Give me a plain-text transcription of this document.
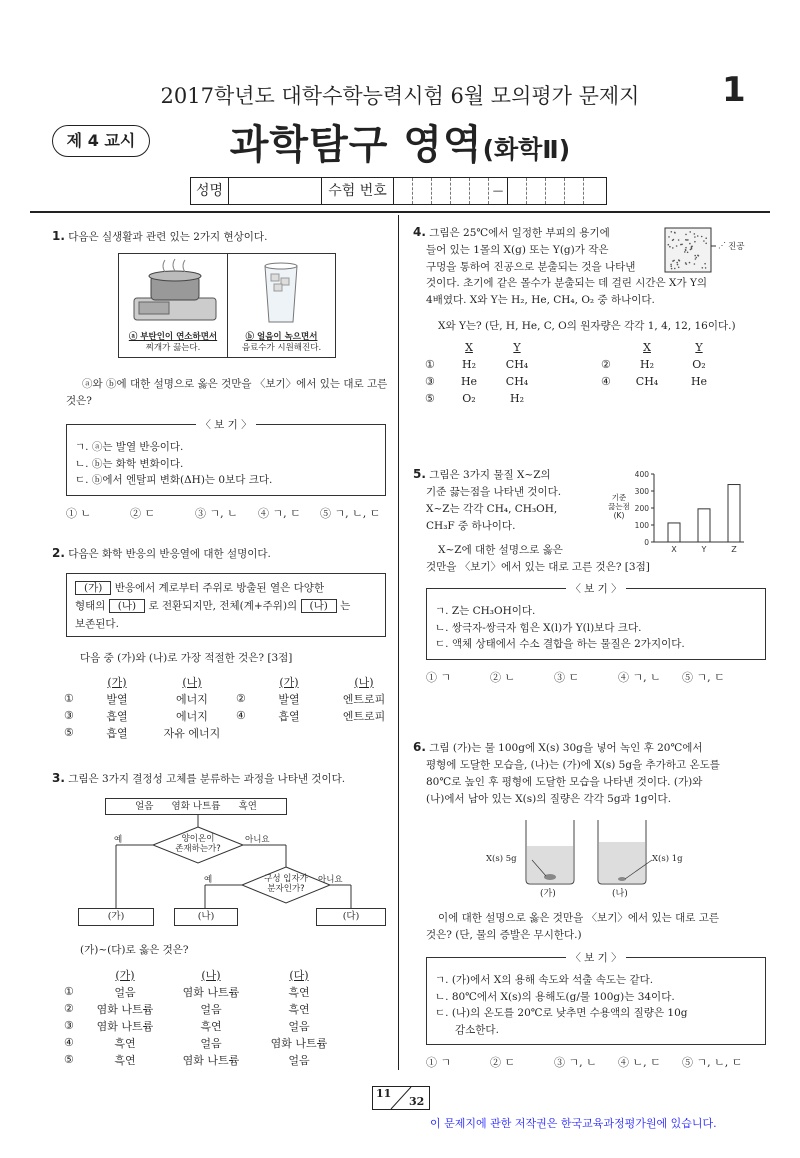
2017학년도 대학수학능력시험 6월 모의평가 문제지	1
제 4 교시	과학탐구 영역(화학Ⅱ)
성명	수험 번호	—
1. 다음은 실생활과 관련 있는 2가지 현상이다.
ⓐ 부탄인이 연소하면서
찌개가 끓는다.
ⓑ 얼음이 녹으면서
음료수가 시원해진다.
ⓐ와 ⓑ에 대한 설명으로 옳은 것만을 〈보기〉에서 있는 대로 고른 것은?
〈 보 기 〉
ㄱ. ⓐ는 발열 반응이다.
ㄴ. ⓑ는 화학 변화이다.
ㄷ. ⓑ에서 엔탈피 변화(ΔH)는 0보다 크다.
① ㄴ	② ㄷ	③ ㄱ, ㄴ ④ ㄱ, ㄷ ⑤ ㄱ, ㄴ, ㄷ
2. 다음은 화학 반응의 반응열에 대한 설명이다.
(가) 반응에서 계로부터 주위로 방출된 열은 다양한
형태의 (나) 로 전환되지만, 전체(계+주위)의 (나) 는
보존된다.
다음 중 (가)와 (나)로 가장 적절한 것은? [3점]
	(가)	(나)		(가)	(나)
①	발열	에너지	②	발열	엔트로피
③	흡열	에너지	④	흡열	엔트로피
⑤	흡열	자유 에너지			
3. 그림은 3가지 결정성 고체를 분류하는 과정을 나타낸 것이다.
얼음      염화 나트륨      흑연
양이온이
존재하는가?
구성 입자가
분자인가?
예	아니요
예	아니요
(가)	(나)	(다)
(가)~(다)로 옳은 것은?
	(가)	(나)	(다)
①	얼음	염화 나트륨	흑연
②	염화 나트륨	얼음	흑연
③	염화 나트륨	흑연	얼음
④	흑연	얼음	염화 나트륨
⑤	흑연	염화 나트륨	얼음
4. 그림은 25℃에서 일정한 부피의 용기에
들어 있는 1몰의 X(g) 또는 Y(g)가 작은
구멍을 통하여 진공으로 분출되는 것을 나타낸
것이다. 초기에 같은 몰수가 분출되는 데 걸린 시간은 X가 Y의
4배였다. X와 Y는 H₂, He, CH₄, O₂ 중 하나이다.
⋰ 진공
X와 Y는? (단, H, He, C, O의 원자량은 각각 1, 4, 12, 16이다.)
	X	Y			X	Y
①	H₂	CH₄		②	H₂	O₂
③	He	CH₄		④	CH₄	He
⑤	O₂	H₂				
5. 그림은 3가지 물질 X~Z의
기준 끓는점을 나타낸 것이다.
X~Z는 각각 CH₄, CH₃OH,
CH₃F 중 하나이다.
X~Z에 대한 설명으로 옳은
것만을 〈보기〉에서 있는 대로 고른 것은? [3점]
0
100
200
300
400
X	Y	Z
기준
끓는점
(K)
〈 보 기 〉
ㄱ. Z는 CH₃OH이다.
ㄴ. 쌍극자-쌍극자 힘은 X(l)가 Y(l)보다 크다.
ㄷ. 액체 상태에서 수소 결합을 하는 물질은 2가지이다.
① ㄱ	② ㄴ	③ ㄷ	④ ㄱ, ㄴ ⑤ ㄱ, ㄷ
6. 그림 (가)는 물 100g에 X(s) 30g을 넣어 녹인 후 20℃에서
평형에 도달한 모습을, (나)는 (가)에 X(s) 5g을 추가하고 온도를
80℃로 높인 후 평형에 도달한 모습을 나타낸 것이다. (가)와
(나)에서 남아 있는 X(s)의 질량은 각각 5g과 1g이다.
X(s) 5g	X(s) 1g
(가)	(나)
이에 대한 설명으로 옳은 것만을 〈보기〉에서 있는 대로 고른
것은? (단, 물의 증발은 무시한다.)
〈 보 기 〉
ㄱ. (가)에서 X의 용해 속도와 석출 속도는 같다.
ㄴ. 80℃에서 X(s)의 용해도(g/물 100g)는 34이다.
ㄷ. (나)의 온도를 20℃로 낮추면 수용액의 질량은 10g
감소한다.
① ㄱ	② ㄷ	③ ㄱ, ㄴ ④ ㄴ, ㄷ ⑤ ㄱ, ㄴ, ㄷ
11
32
이 문제지에 관한 저작권은 한국교육과정평가원에 있습니다.
